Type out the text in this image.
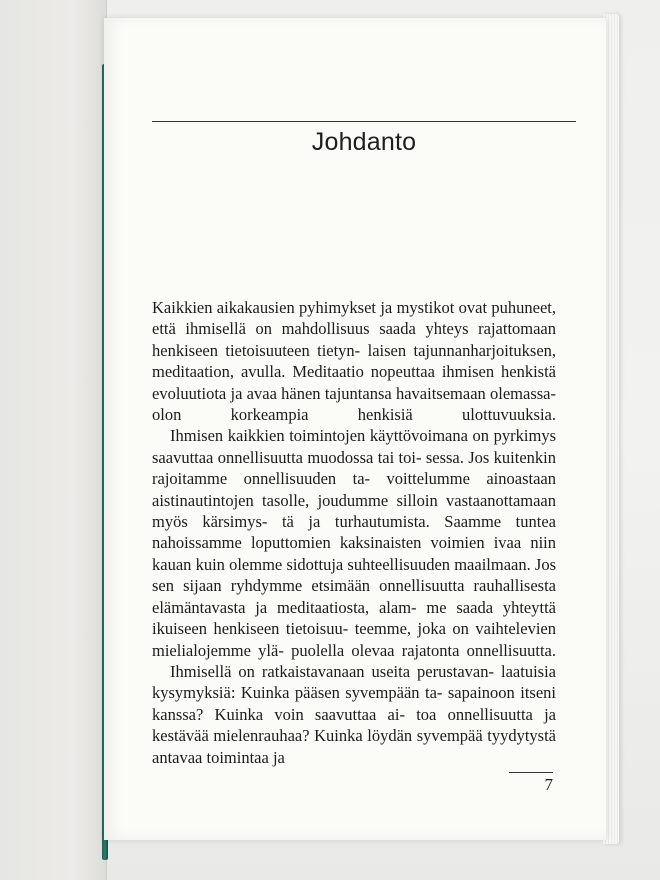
Johdanto

Kaikkien aikakausien pyhimykset ja mystikot ovat puhuneet, että ihmisellä on mahdollisuus saada yhteys rajattomaan henkiseen tietoisuuteen tietyn- laisen tajunnanharjoituksen, meditaation, avulla. Meditaatio nopeuttaa ihmisen henkistä evoluutiota ja avaa hänen tajuntansa havaitsemaan olemassa- olon korkeampia henkisiä ulottuvuuksia.

Ihmisen kaikkien toimintojen käyttövoimana on pyrkimys saavuttaa onnellisuutta muodossa tai toi- sessa. Jos kuitenkin rajoitamme onnellisuuden ta- voittelumme ainoastaan aistinautintojen tasolle, joudumme silloin vastaanottamaan myös kärsimys- tä ja turhautumista. Saamme tuntea nahoissamme loputtomien kaksinaisten voimien ivaa niin kauan kuin olemme sidottuja suhteellisuuden maailmaan. Jos sen sijaan ryhdymme etsimään onnellisuutta rauhallisesta elämäntavasta ja meditaatiosta, alam- me saada yhteyttä ikuiseen henkiseen tietoisuu- teemme, joka on vaihtelevien mielialojemme ylä- puolella olevaa rajatonta onnellisuutta.

Ihmisellä on ratkaistavanaan useita perustavan- laatuisia kysymyksiä: Kuinka pääsen syvempään ta- sapainoon itseni kanssa? Kuinka voin saavuttaa ai- toa onnellisuutta ja kestävää mielenrauhaa? Kuinka löydän syvempää tyydytystä antavaa toimintaa ja

7
